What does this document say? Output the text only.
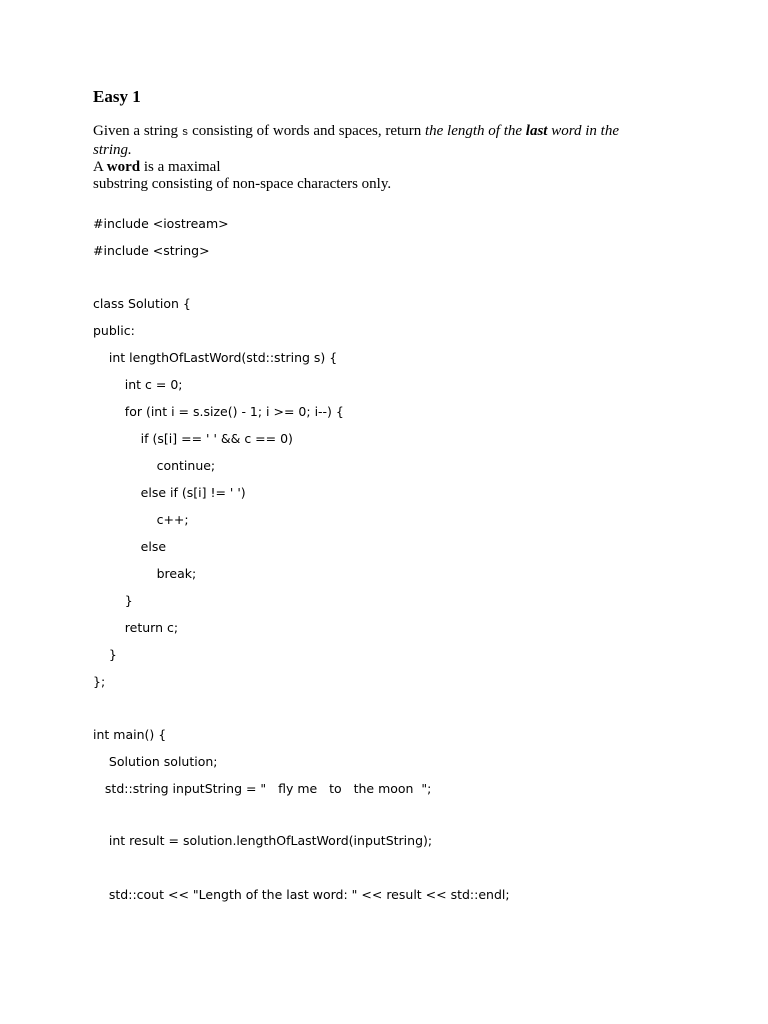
Easy 1
Given a string s consisting of words and spaces, return the length of the last word in the string.
A word is a maximal
substring consisting of non-space characters only.
#include <iostream>
#include <string>
class Solution {
public:
int lengthOfLastWord(std::string s) {
int c = 0;
for (int i = s.size() - 1; i >= 0; i--) {
if (s[i] == ' ' && c == 0)
continue;
else if (s[i] != ' ')
c++;
else
break;
}
return c;
}
};
int main() {
Solution solution;
std::string inputString = "   fly me   to   the moon  ";
int result = solution.lengthOfLastWord(inputString);
std::cout << "Length of the last word: " << result << std::endl;
